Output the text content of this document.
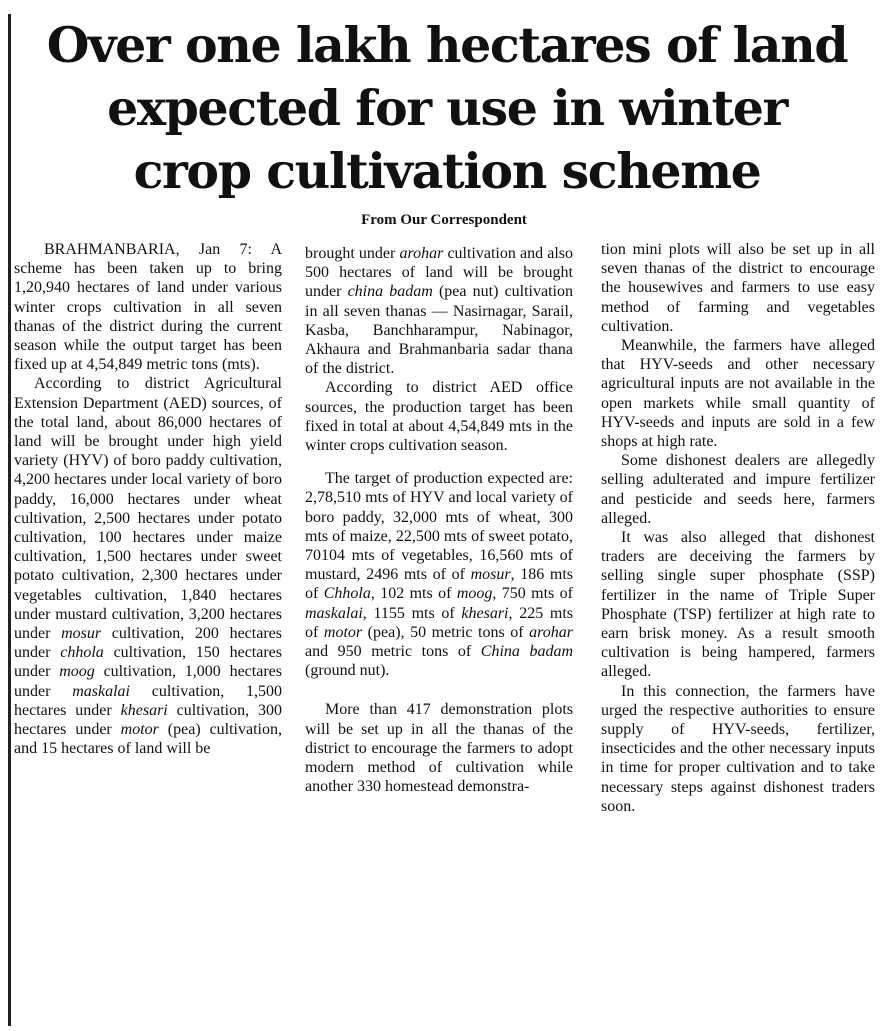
Over one lakh hectares of land
expected for use in winter
crop cultivation scheme
From Our Correspondent

BRAHMANBARIA, Jan 7: A scheme has been taken up to bring 1,20,940 hectares of land under various winter crops cultivation in all seven thanas of the district during the current season while the output target has been fixed up at 4,54,849 metric tons (mts).

According to district Agricultural Extension Department (AED) sources, of the total land, about 86,000 hectares of land will be brought under high yield variety (HYV) of boro paddy cultivation, 4,200 hectares under local variety of boro paddy, 16,000 hectares under wheat cultivation, 2,500 hectares under potato cultivation, 100 hectares under maize cultivation, 1,500 hectares under sweet potato cultivation, 2,300 hectares under vegetables cultivation, 1,840 hectares under mustard cultivation, 3,200 hectares under mosur cultivation, 200 hectares under chhola cultivation, 150 hectares under moog cultivation, 1,000 hectares under maskalai cultivation, 1,500 hectares under khesari cultivation, 300 hectares under motor (pea) cultivation, and 15 hectares of land will be

brought under arohar cultivation and also 500 hectares of land will be brought under china badam (pea nut) cultivation in all seven thanas — Nasirnagar, Sarail, Kasba, Banchharampur, Nabinagor, Akhaura and Brahmanbaria sadar thana of the district.

According to district AED office sources, the production target has been fixed in total at about 4,54,849 mts in the winter crops cultivation season.

The target of production expected are: 2,78,510 mts of HYV and local variety of boro paddy, 32,000 mts of wheat, 300 mts of maize, 22,500 mts of sweet potato, 70104 mts of vegetables, 16,560 mts of mustard, 2496 mts of of mosur, 186 mts of Chhola, 102 mts of moog, 750 mts of maskalai, 1155 mts of khesari, 225 mts of motor (pea), 50 metric tons of arohar and 950 metric tons of China badam (ground nut).

More than 417 demonstration plots will be set up in all the thanas of the district to encourage the farmers to adopt modern method of cultivation while another 330 homestead demonstra-

tion mini plots will also be set up in all seven thanas of the district to encourage the housewives and farmers to use easy method of farming and vegetables cultivation.

Meanwhile, the farmers have alleged that HYV-seeds and other necessary agricultural inputs are not available in the open markets while small quantity of HYV-seeds and inputs are sold in a few shops at high rate.

Some dishonest dealers are allegedly selling adulterated and impure fertilizer and pesticide and seeds here, farmers alleged.

It was also alleged that dishonest traders are deceiving the farmers by selling single super phosphate (SSP) fertilizer in the name of Triple Super Phosphate (TSP) fertilizer at high rate to earn brisk money. As a result smooth cultivation is being hampered, farmers alleged.

In this connection, the farmers have urged the respective authorities to ensure supply of HYV-seeds, fertilizer, insecticides and the other necessary inputs in time for proper cultivation and to take necessary steps against dishonest traders soon.
